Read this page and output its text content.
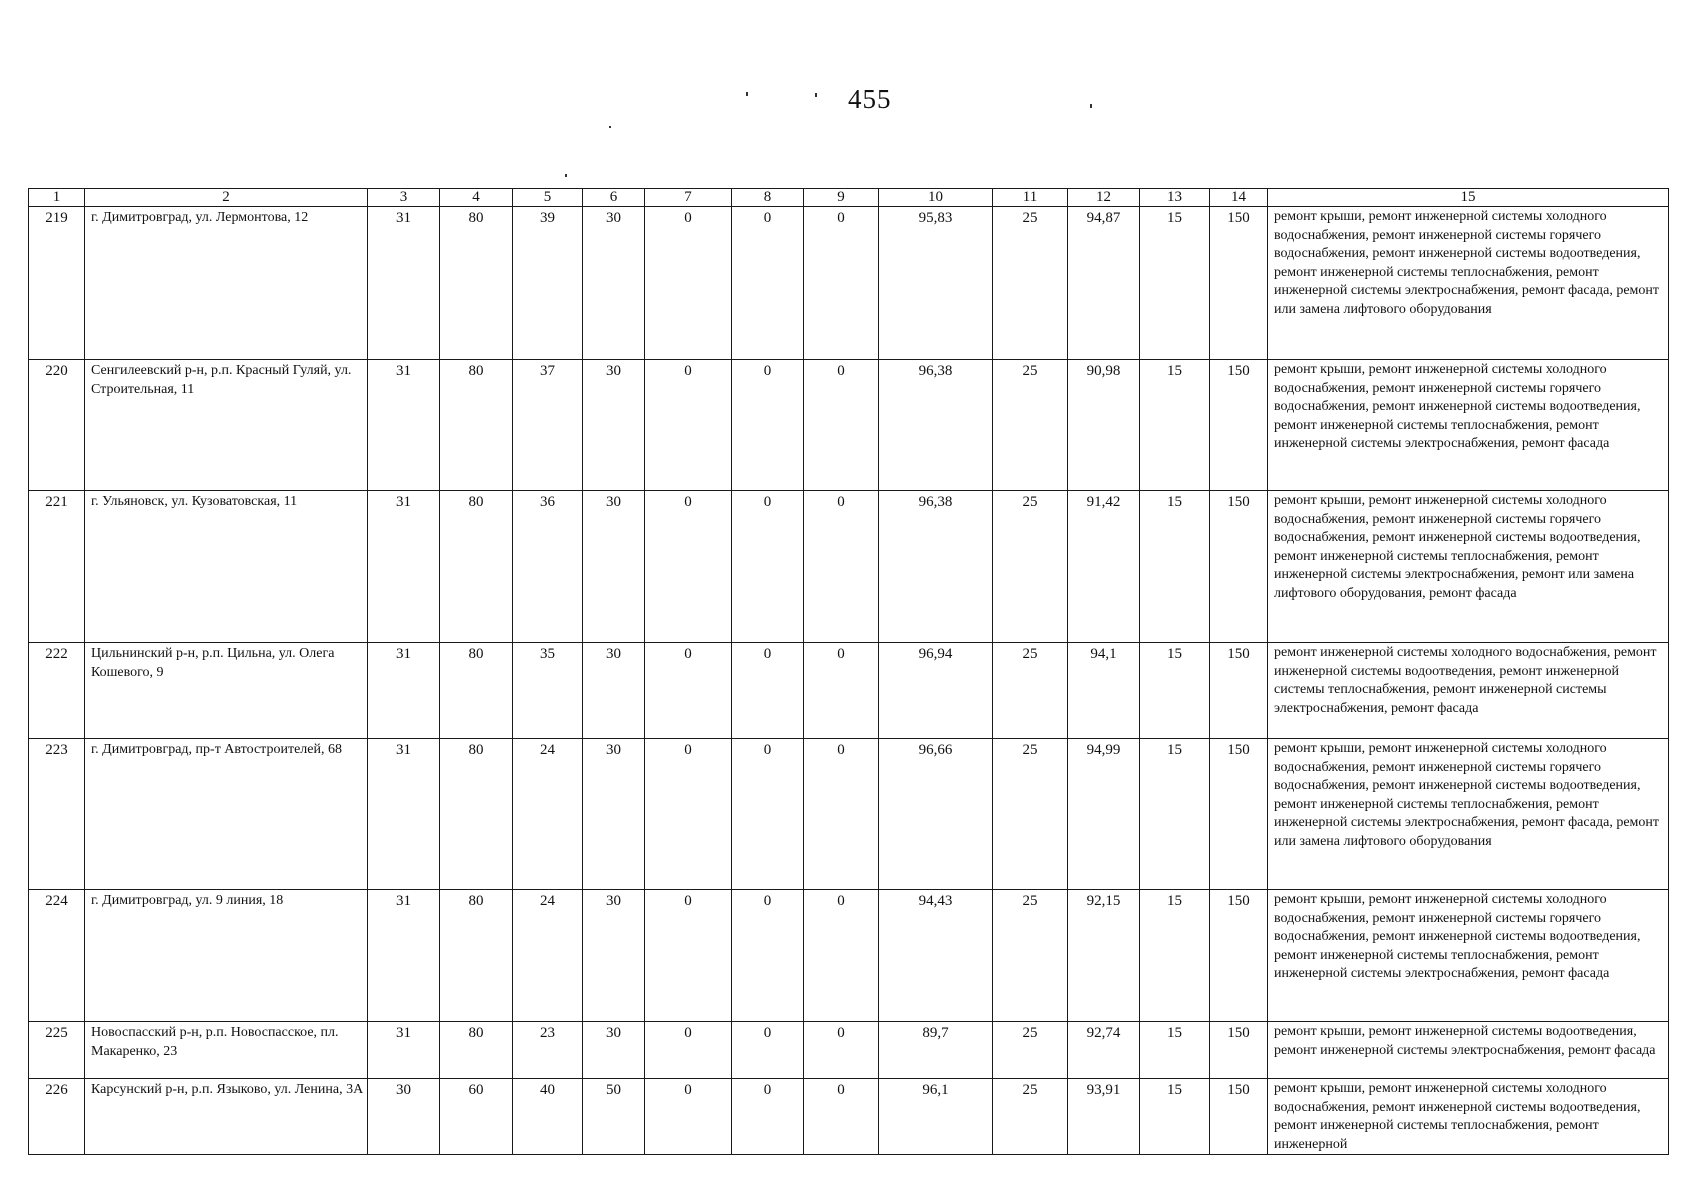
455
1	2	3	4	5	6	7	8	9	10	11	12	13	14	15
219	г. Димитровград, ул. Лермонтова, 12	31	80	39	30	0	0	0	95,83	25	94,87	15	150	ремонт крыши, ремонт инженерной системы холодного водоснабжения, ремонт инженерной системы горячего водоснабжения, ремонт инженерной системы водоотведения, ремонт инженерной системы теплоснабжения, ремонт инженерной системы электроснабжения, ремонт фасада, ремонт или замена лифтового оборудования
220	Сенгилеевский р-н, р.п. Красный Гуляй, ул. Строительная, 11	31	80	37	30	0	0	0	96,38	25	90,98	15	150	ремонт крыши, ремонт инженерной системы холодного водоснабжения, ремонт инженерной системы горячего водоснабжения, ремонт инженерной системы водоотведения, ремонт инженерной системы теплоснабжения, ремонт инженерной системы электроснабжения, ремонт фасада
221	г. Ульяновск, ул. Кузоватовская, 11	31	80	36	30	0	0	0	96,38	25	91,42	15	150	ремонт крыши, ремонт инженерной системы холодного водоснабжения, ремонт инженерной системы горячего водоснабжения, ремонт инженерной системы водоотведения, ремонт инженерной системы теплоснабжения, ремонт инженерной системы электроснабжения, ремонт или замена лифтового оборудования, ремонт фасада
222	Цильнинский р-н, р.п. Цильна, ул. Олега Кошевого, 9	31	80	35	30	0	0	0	96,94	25	94,1	15	150	ремонт инженерной системы холодного водоснабжения, ремонт инженерной системы водоотведения, ремонт инженерной системы теплоснабжения, ремонт инженерной системы электроснабжения, ремонт фасада
223	г. Димитровград, пр-т Автостроителей, 68	31	80	24	30	0	0	0	96,66	25	94,99	15	150	ремонт крыши, ремонт инженерной системы холодного водоснабжения, ремонт инженерной системы горячего водоснабжения, ремонт инженерной системы водоотведения, ремонт инженерной системы теплоснабжения, ремонт инженерной системы электроснабжения, ремонт фасада, ремонт или замена лифтового оборудования
224	г. Димитровград, ул. 9 линия, 18	31	80	24	30	0	0	0	94,43	25	92,15	15	150	ремонт крыши, ремонт инженерной системы холодного водоснабжения, ремонт инженерной системы горячего водоснабжения, ремонт инженерной системы водоотведения, ремонт инженерной системы теплоснабжения, ремонт инженерной системы электроснабжения, ремонт фасада
225	Новоспасский р-н, р.п. Новоспасское, пл. Макаренко, 23	31	80	23	30	0	0	0	89,7	25	92,74	15	150	ремонт крыши, ремонт инженерной системы водоотведения, ремонт инженерной системы электроснабжения, ремонт фасада
226	Карсунский р-н, р.п. Языково, ул. Ленина, 3А	30	60	40	50	0	0	0	96,1	25	93,91	15	150	ремонт крыши, ремонт инженерной системы холодного водоснабжения, ремонт инженерной системы водоотведения, ремонт инженерной системы теплоснабжения, ремонт инженерной
